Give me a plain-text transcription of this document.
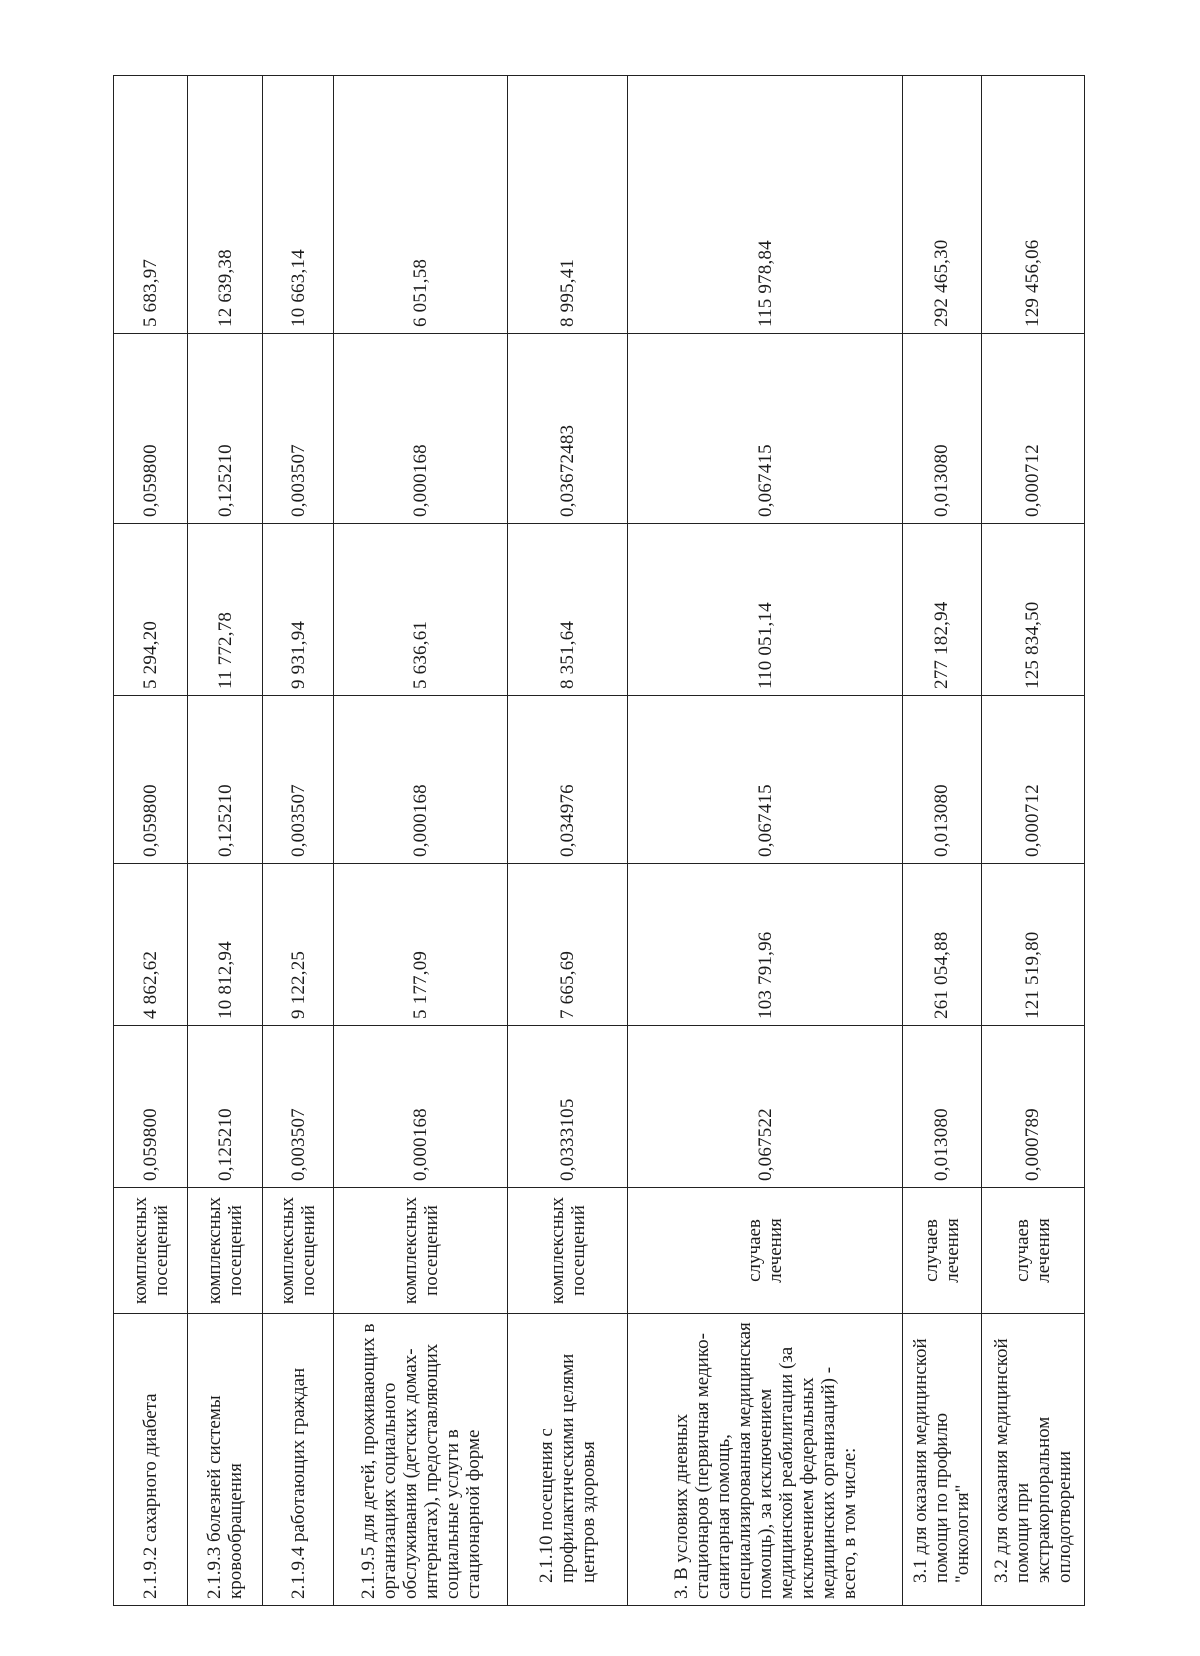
2.1.9.2 сахарного диабета	комплексных посещений	0,059800	4 862,62	0,059800	5 294,20	0,059800	5 683,97
2.1.9.3 болезней системы кровообращения	комплексных посещений	0,125210	10 812,94	0,125210	11 772,78	0,125210	12 639,38
2.1.9.4 работающих граждан	комплексных посещений	0,003507	9 122,25	0,003507	9 931,94	0,003507	10 663,14
2.1.9.5 для детей, проживающих в организациях социального обслуживания (детских домах-интернатах), предоставляющих социальные услуги в стационарной форме	комплексных посещений	0,000168	5 177,09	0,000168	5 636,61	0,000168	6 051,58
2.1.10 посещения с профилактическими целями центров здоровья	комплексных посещений	0,0333105	7 665,69	0,034976	8 351,64	0,03672483	8 995,41
3. В условиях дневных стационаров (первичная медико-санитарная помощь, специализированная медицинская помощь), за исключением медицинской реабилитации (за исключением федеральных медицинских организаций) - всего, в том числе:	случаев лечения	0,067522	103 791,96	0,067415	110 051,14	0,067415	115 978,84
3.1 для оказания медицинской помощи по профилю "онкология"	случаев лечения	0,013080	261 054,88	0,013080	277 182,94	0,013080	292 465,30
3.2 для оказания медицинской помощи при экстракорпоральном оплодотворении	случаев лечения	0,000789	121 519,80	0,000712	125 834,50	0,000712	129 456,06
